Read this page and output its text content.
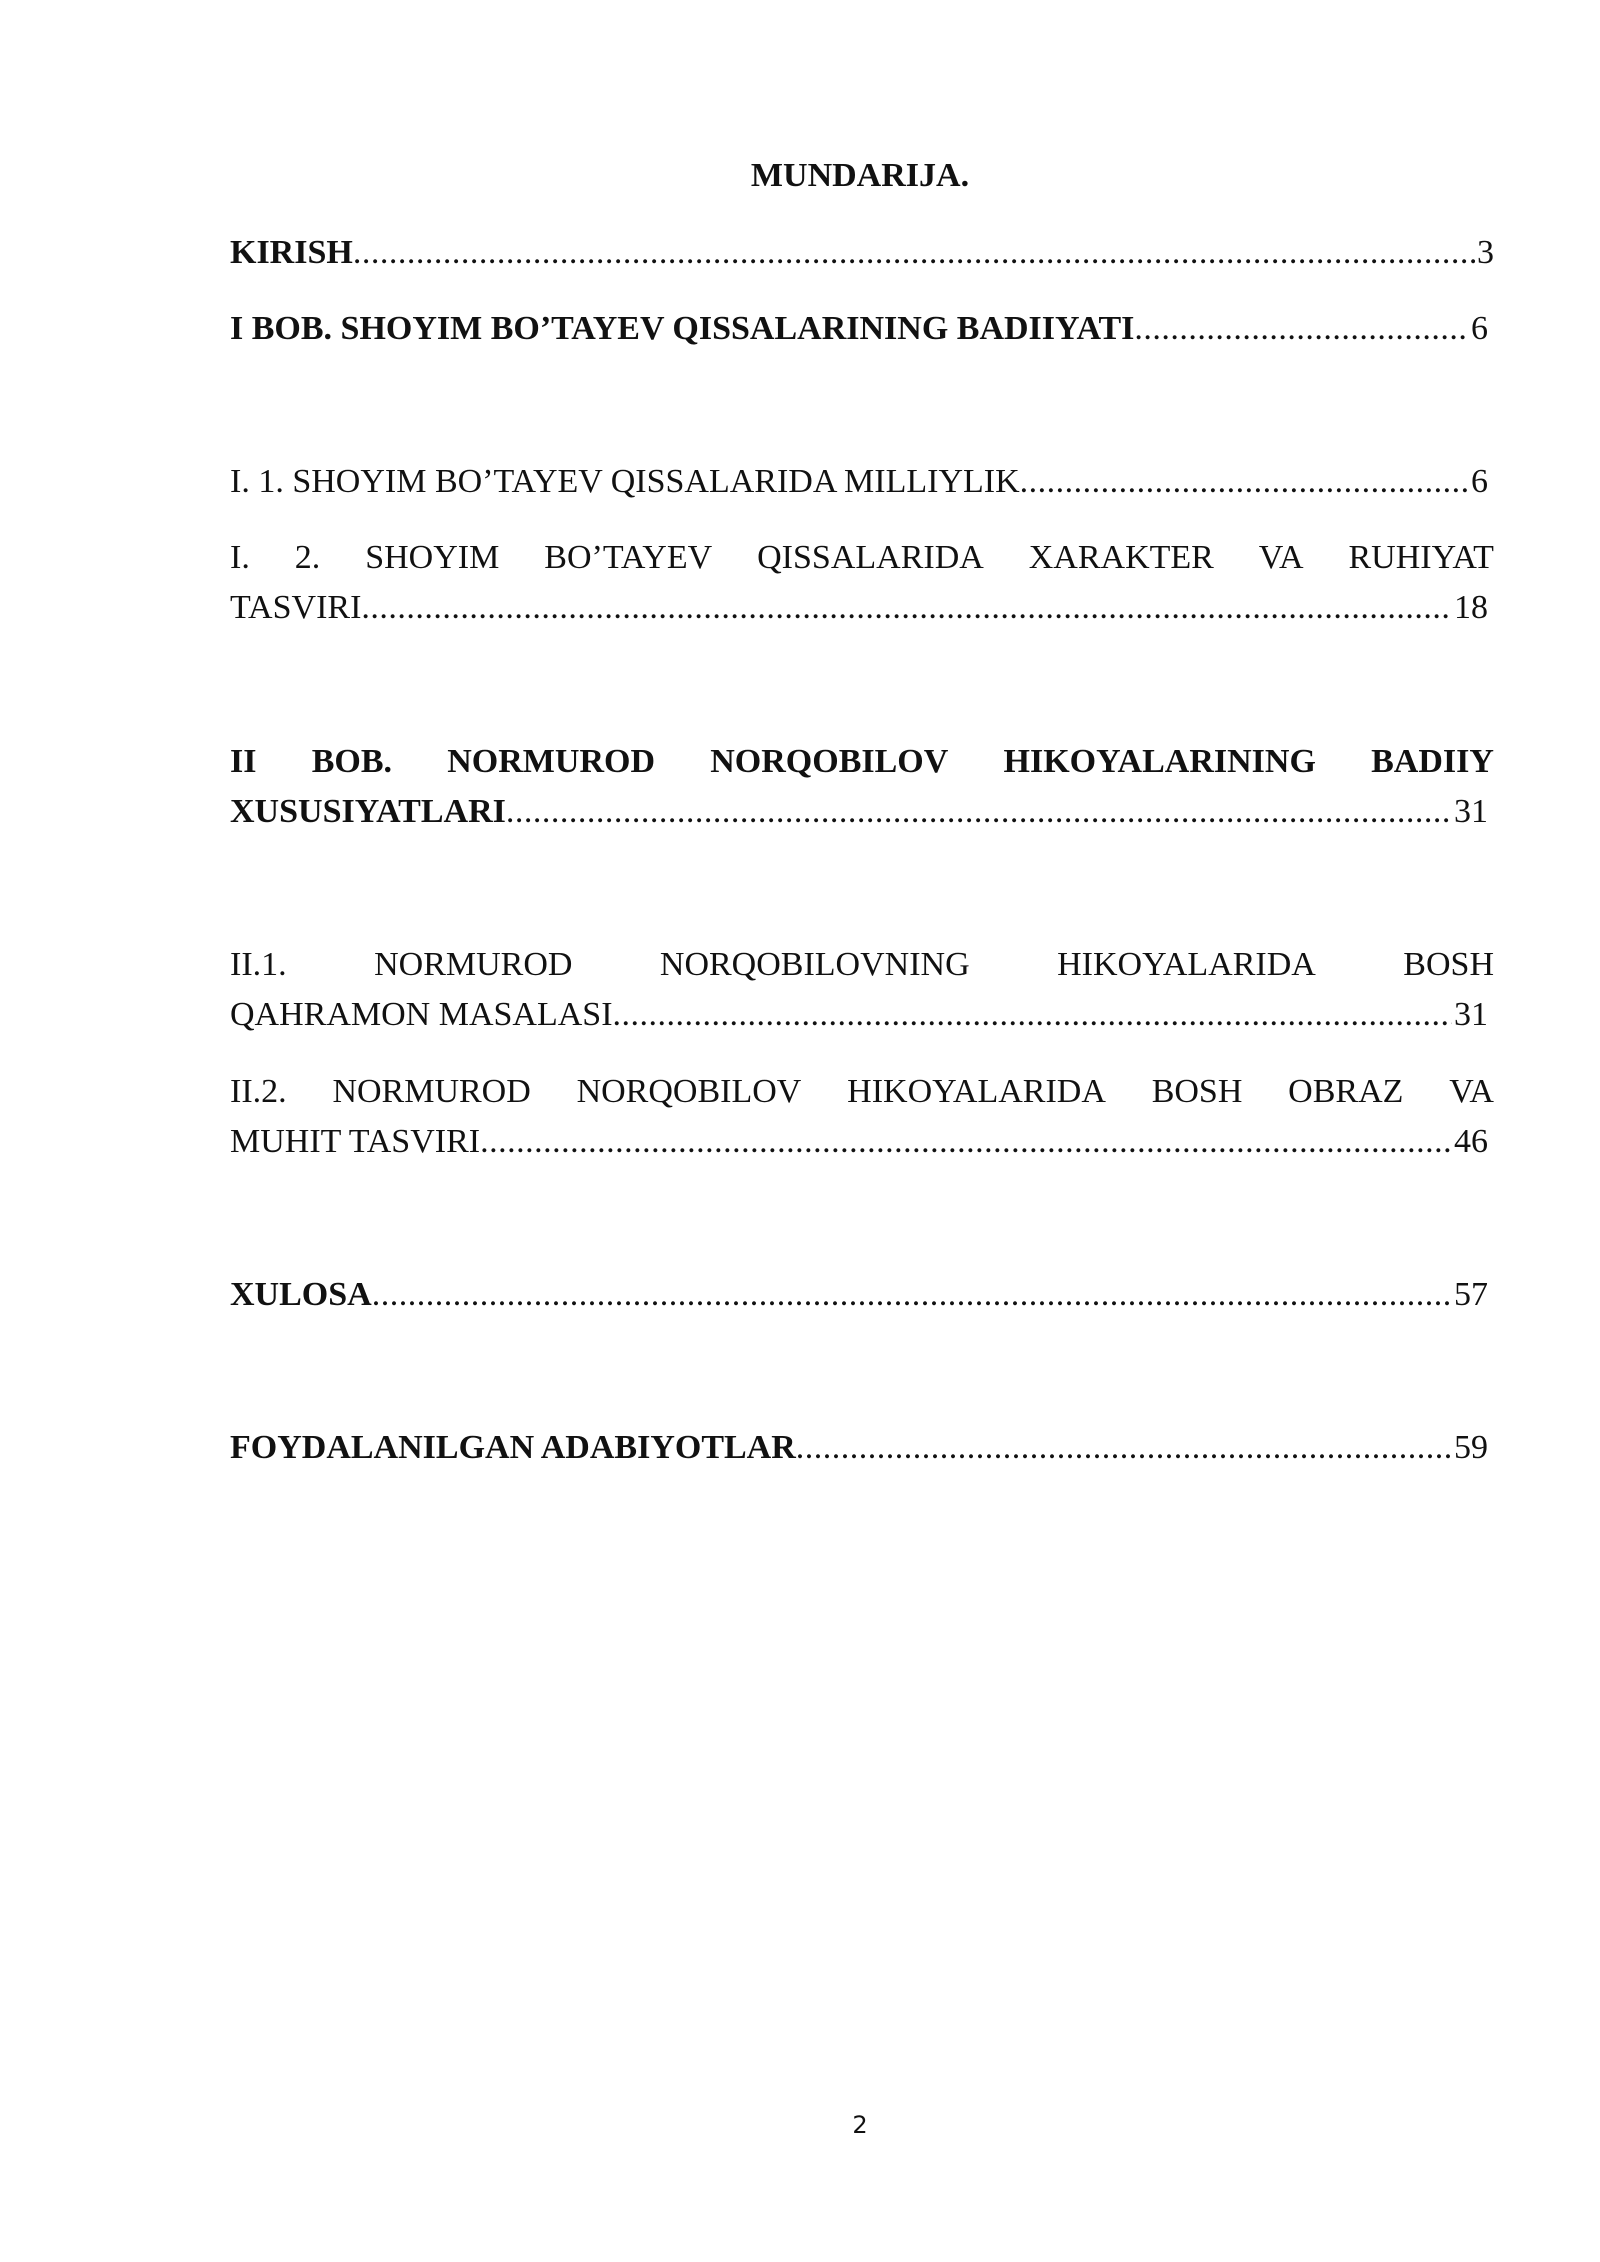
MUNDARIJA.
KIRISH .....	3
I BOB. SHOYIM BO’TAYEV QISSALARINING BADIIYATI .....	6
I. 1. SHOYIM BO’TAYEV QISSALARIDA MILLIYLIK .....	6
I. 2. SHOYIM BO’TAYEV QISSALARIDA XARAKTER VA RUHIYAT
TASVIRI .....	18
II BOB. NORMUROD NORQOBILOV HIKOYALARINING BADIIY
XUSUSIYATLARI .....	31
II.1.	NORMUROD	NORQOBILOVNING	HIKOYALARIDA	BOSH
QAHRAMON MASALASI .....	31
II.2. NORMUROD NORQOBILOV HIKOYALARIDA BOSH OBRAZ VA
MUHIT TASVIRI .....	46
XULOSA .....	57
FOYDALANILGAN ADABIYOTLAR .....	59
2
